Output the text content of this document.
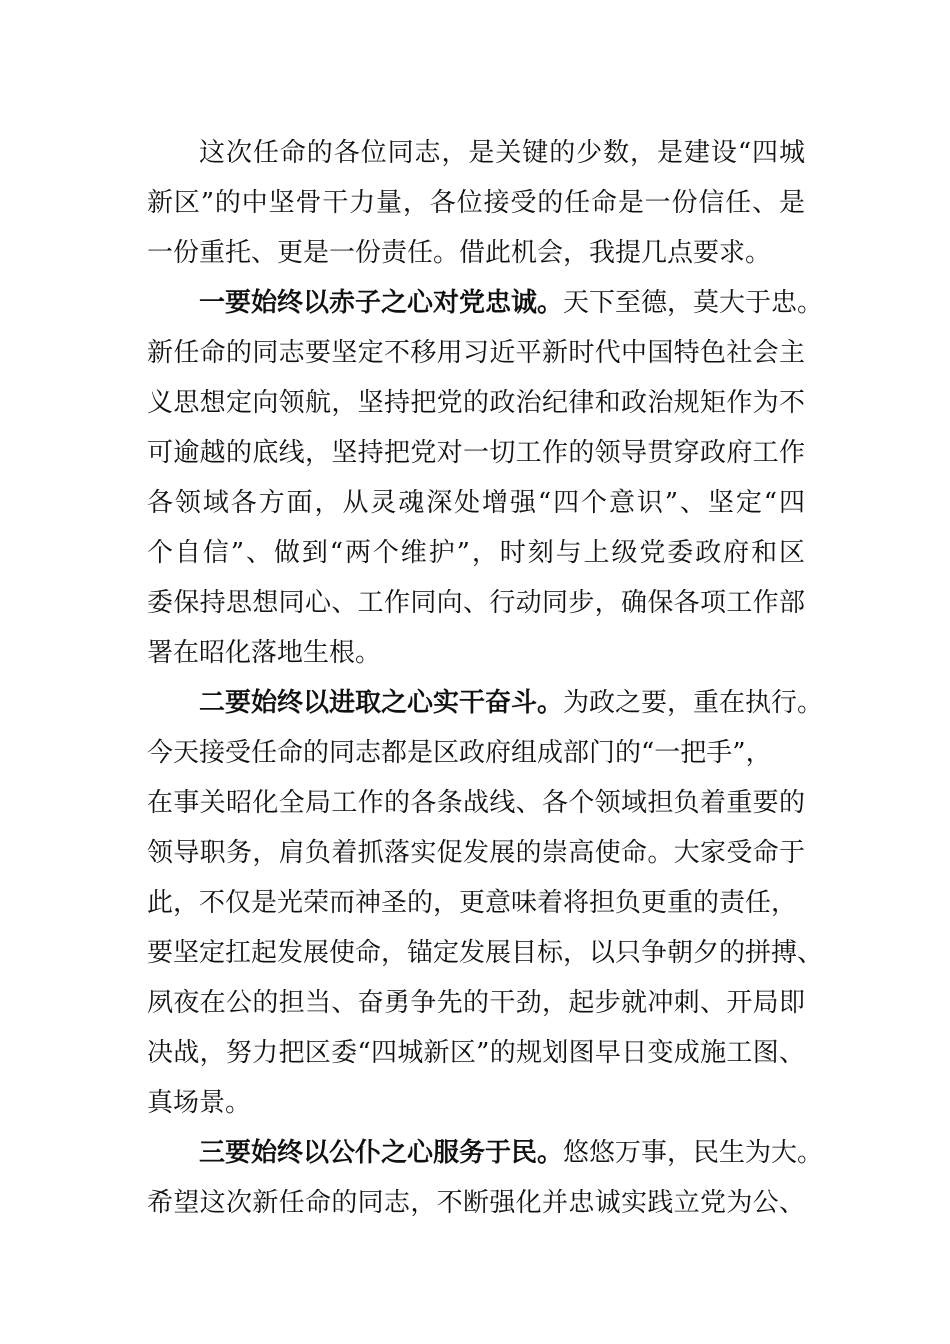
这次任命的各位同志，是关键的少数，是建设“四城
新区”的中坚骨干力量，各位接受的任命是一份信任、是
一份重托、更是一份责任。借此机会，我提几点要求。
一要始终以赤子之心对党忠诚。天下至德，莫大于忠。
新任命的同志要坚定不移用习近平新时代中国特色社会主
义思想定向领航，坚持把党的政治纪律和政治规矩作为不
可逾越的底线，坚持把党对一切工作的领导贯穿政府工作
各领域各方面，从灵魂深处增强“四个意识”、坚定“四
个自信”、做到“两个维护”，时刻与上级党委政府和区
委保持思想同心、工作同向、行动同步，确保各项工作部
署在昭化落地生根。
二要始终以进取之心实干奋斗。为政之要，重在执行。
今天接受任命的同志都是区政府组成部门的“一把手”，
在事关昭化全局工作的各条战线、各个领域担负着重要的
领导职务，肩负着抓落实促发展的崇高使命。大家受命于
此，不仅是光荣而神圣的，更意味着将担负更重的责任，
要坚定扛起发展使命，锚定发展目标，以只争朝夕的拼搏、
夙夜在公的担当、奋勇争先的干劲，起步就冲刺、开局即
决战，努力把区委“四城新区”的规划图早日变成施工图、
真场景。
三要始终以公仆之心服务于民。悠悠万事，民生为大。
希望这次新任命的同志，不断强化并忠诚实践立党为公、
